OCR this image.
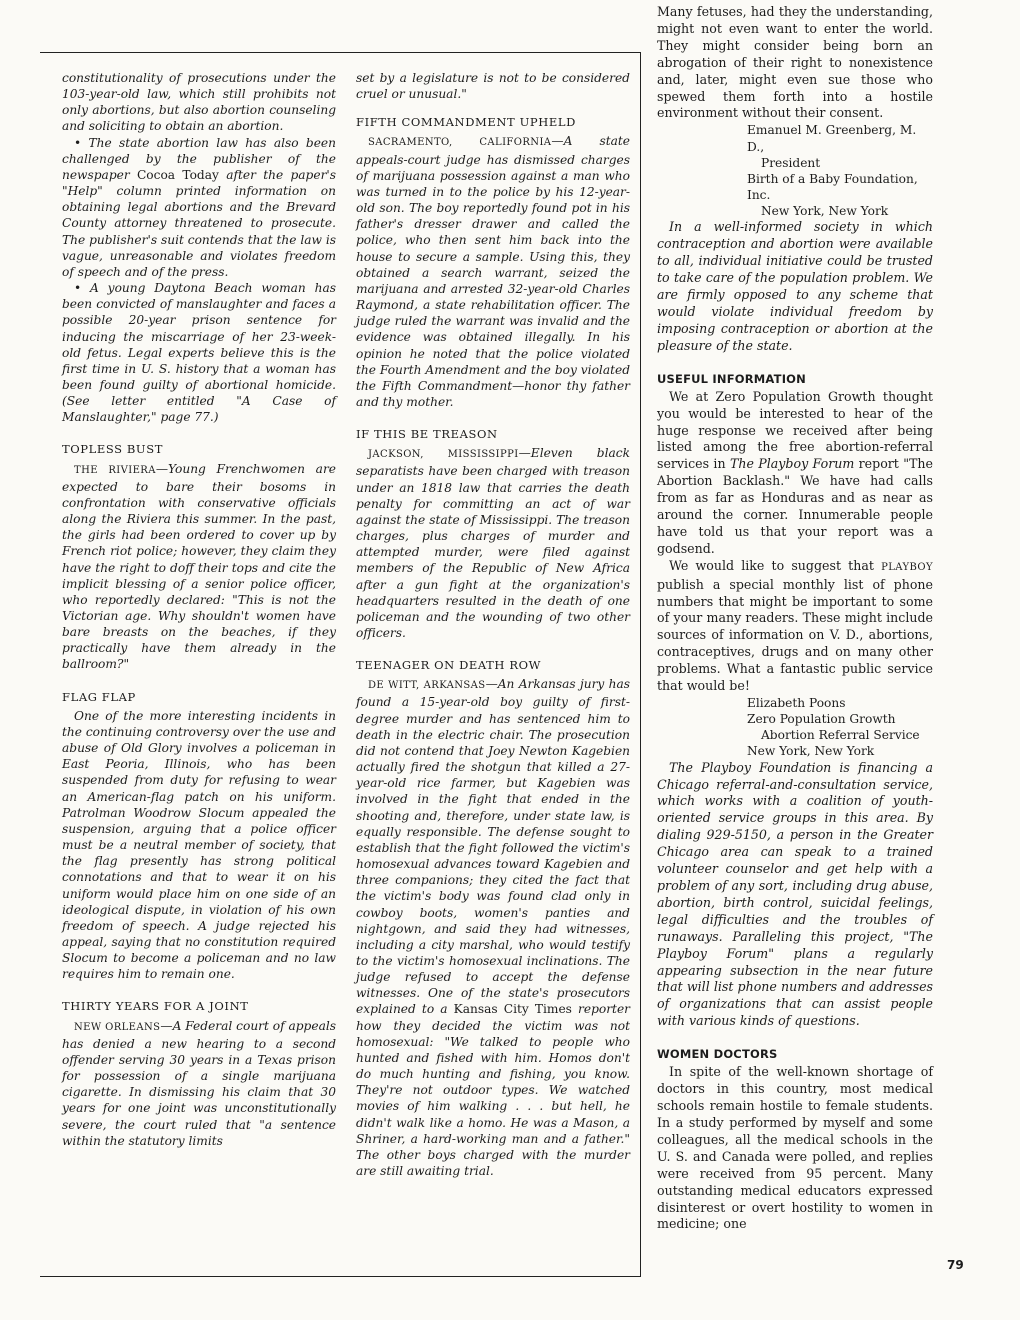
constitutionality of prosecutions under the 103-year-old law, which still prohibits not only abortions, but also abortion counseling and soliciting to obtain an abortion.

• The state abortion law has also been challenged by the publisher of the newspaper Cocoa Today after the paper's "Help" column printed information on obtaining legal abortions and the Brevard County attorney threatened to prosecute. The publisher's suit contends that the law is vague, unreasonable and violates freedom of speech and of the press.

• A young Daytona Beach woman has been convicted of manslaughter and faces a possible 20-year prison sentence for inducing the miscarriage of her 23-week-old fetus. Legal experts believe this is the first time in U. S. history that a woman has been found guilty of abortional homicide. (See letter entitled "A Case of Manslaughter," page 77.)

TOPLESS BUST

THE RIVIERA—Young Frenchwomen are expected to bare their bosoms in confrontation with conservative officials along the Riviera this summer. In the past, the girls had been ordered to cover up by French riot police; however, they claim they have the right to doff their tops and cite the implicit blessing of a senior police officer, who reportedly declared: "This is not the Victorian age. Why shouldn't women have bare breasts on the beaches, if they practically have them already in the ballroom?"

FLAG FLAP

One of the more interesting incidents in the continuing controversy over the use and abuse of Old Glory involves a policeman in East Peoria, Illinois, who has been suspended from duty for refusing to wear an American-flag patch on his uniform. Patrolman Woodrow Slocum appealed the suspension, arguing that a police officer must be a neutral member of society, that the flag presently has strong political connotations and that to wear it on his uniform would place him on one side of an ideological dispute, in violation of his own freedom of speech. A judge rejected his appeal, saying that no constitution required Slocum to become a policeman and no law requires him to remain one.

THIRTY YEARS FOR A JOINT

NEW ORLEANS—A Federal court of appeals has denied a new hearing to a second offender serving 30 years in a Texas prison for possession of a single marijuana cigarette. In dismissing his claim that 30 years for one joint was unconstitutionally severe, the court ruled that "a sentence within the statutory limits

set by a legislature is not to be considered cruel or unusual."

FIFTH COMMANDMENT UPHELD

SACRAMENTO, CALIFORNIA—A state appeals-court judge has dismissed charges of marijuana possession against a man who was turned in to the police by his 12-year-old son. The boy reportedly found pot in his father's dresser drawer and called the police, who then sent him back into the house to secure a sample. Using this, they obtained a search warrant, seized the marijuana and arrested 32-year-old Charles Raymond, a state rehabilitation officer. The judge ruled the warrant was invalid and the evidence was obtained illegally. In his opinion he noted that the police violated the Fourth Amendment and the boy violated the Fifth Commandment—honor thy father and thy mother.

IF THIS BE TREASON

JACKSON, MISSISSIPPI—Eleven black separatists have been charged with treason under an 1818 law that carries the death penalty for committing an act of war against the state of Mississippi. The treason charges, plus charges of murder and attempted murder, were filed against members of the Republic of New Africa after a gun fight at the organization's headquarters resulted in the death of one policeman and the wounding of two other officers.

TEENAGER ON DEATH ROW

DE WITT, ARKANSAS—An Arkansas jury has found a 15-year-old boy guilty of first-degree murder and has sentenced him to death in the electric chair. The prosecution did not contend that Joey Newton Kagebien actually fired the shotgun that killed a 27-year-old rice farmer, but Kagebien was involved in the fight that ended in the shooting and, therefore, under state law, is equally responsible. The defense sought to establish that the fight followed the victim's homosexual advances toward Kagebien and three companions; they cited the fact that the victim's body was found clad only in cowboy boots, women's panties and nightgown, and said they had witnesses, including a city marshal, who would testify to the victim's homosexual inclinations. The judge refused to accept the defense witnesses. One of the state's prosecutors explained to a Kansas City Times reporter how they decided the victim was not homosexual: "We talked to people who hunted and fished with him. Homos don't do much hunting and fishing, you know. They're not outdoor types. We watched movies of him walking . . . but hell, he didn't walk like a homo. He was a Mason, a Shriner, a hard-working man and a father." The other boys charged with the murder are still awaiting trial.

Many fetuses, had they the understanding, might not even want to enter the world. They might consider being born an abrogation of their right to nonexistence and, later, might even sue those who spewed them forth into a hostile environment without their consent.

Emanuel M. Greenberg, M. D.,
President
Birth of a Baby Foundation, Inc.
New York, New York

In a well-informed society in which contraception and abortion were available to all, individual initiative could be trusted to take care of the population problem. We are firmly opposed to any scheme that would violate individual freedom by imposing contraception or abortion at the pleasure of the state.

USEFUL INFORMATION

We at Zero Population Growth thought you would be interested to hear of the huge response we received after being listed among the free abortion-referral services in The Playboy Forum report "The Abortion Backlash." We have had calls from as far as Honduras and as near as around the corner. Innumerable people have told us that your report was a godsend.

We would like to suggest that PLAYBOY publish a special monthly list of phone numbers that might be important to some of your many readers. These might include sources of information on V. D., abortions, contraceptives, drugs and on many other problems. What a fantastic public service that would be!

Elizabeth Poons
Zero Population Growth
Abortion Referral Service
New York, New York

The Playboy Foundation is financing a Chicago referral-and-consultation service, which works with a coalition of youth-oriented service groups in this area. By dialing 929-5150, a person in the Greater Chicago area can speak to a trained volunteer counselor and get help with a problem of any sort, including drug abuse, abortion, birth control, suicidal feelings, legal difficulties and the troubles of runaways. Paralleling this project, "The Playboy Forum" plans a regularly appearing subsection in the near future that will list phone numbers and addresses of organizations that can assist people with various kinds of questions.

WOMEN DOCTORS

In spite of the well-known shortage of doctors in this country, most medical schools remain hostile to female students. In a study performed by myself and some colleagues, all the medical schools in the U. S. and Canada were polled, and replies were received from 95 percent. Many outstanding medical educators expressed disinterest or overt hostility to women in medicine; one

79
